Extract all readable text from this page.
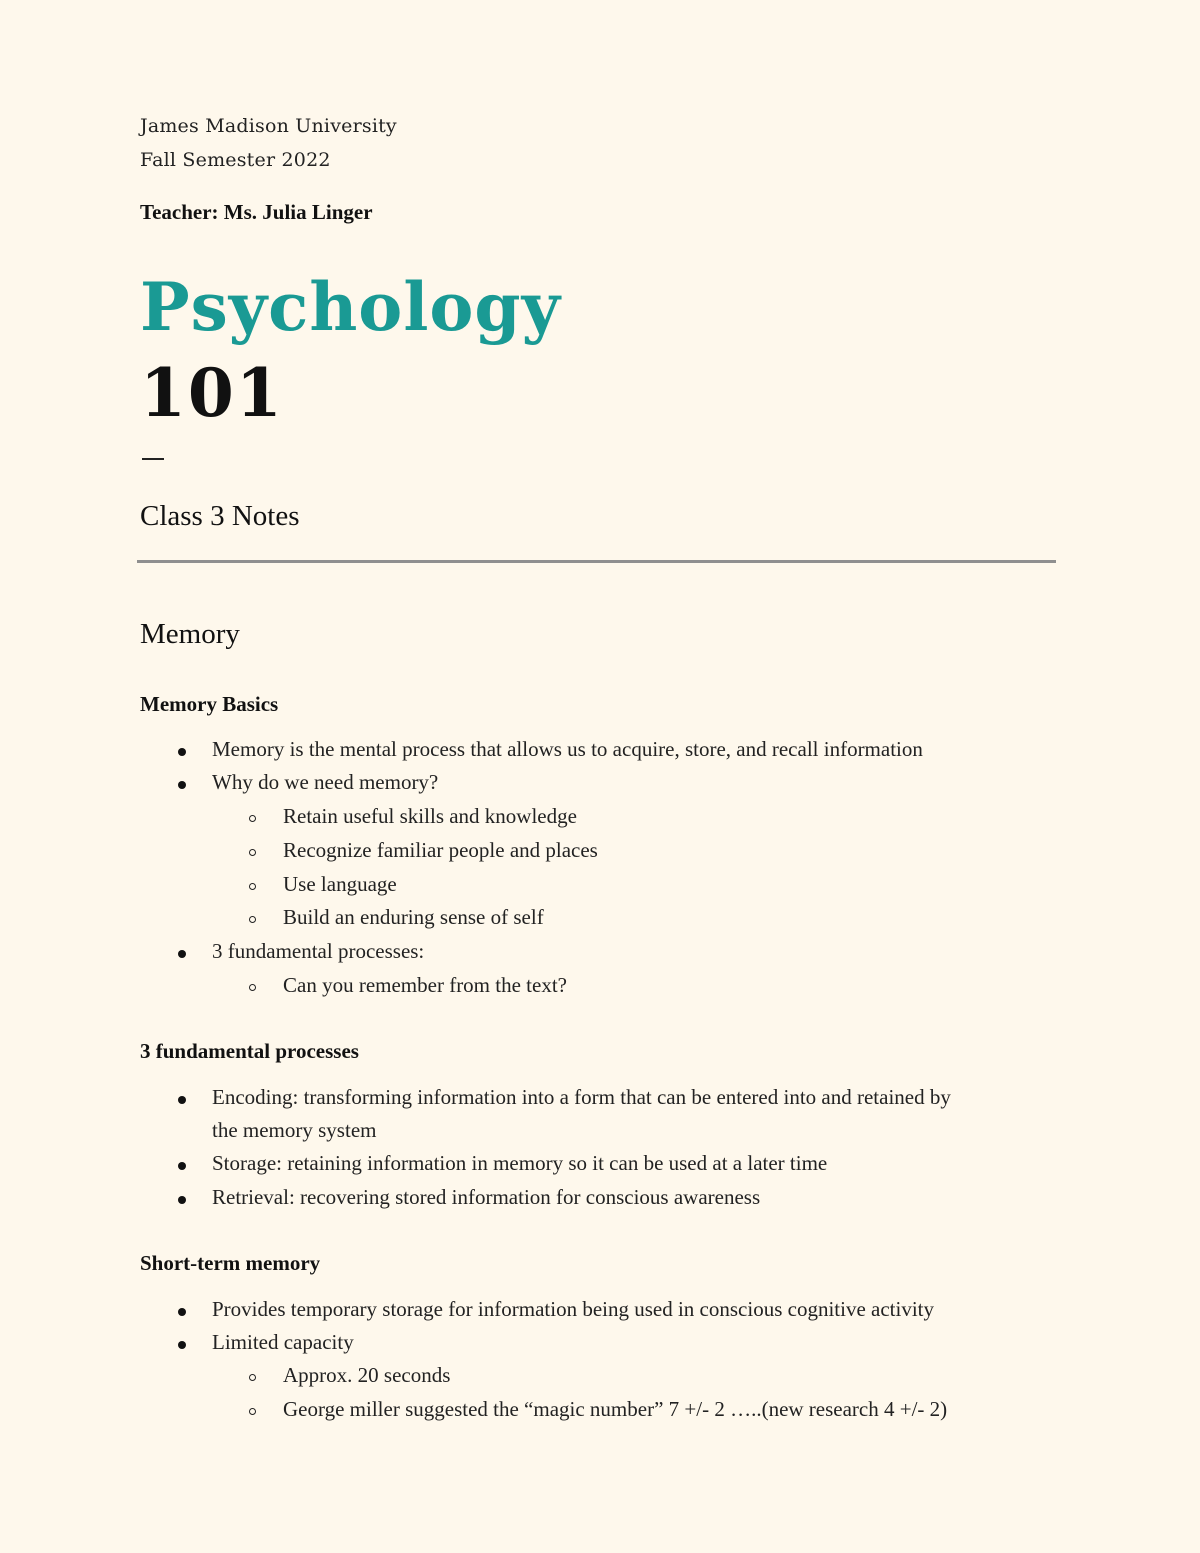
James Madison University
Fall Semester 2022
Teacher: Ms. Julia Linger
Psychology
101
Class 3 Notes
Memory
Memory Basics
Memory is the mental process that allows us to acquire, store, and recall information
Why do we need memory?
Retain useful skills and knowledge
Recognize familiar people and places
Use language
Build an enduring sense of self
3 fundamental processes:
Can you remember from the text?
3 fundamental processes
Encoding: transforming information into a form that can be entered into and retained by
the memory system
Storage: retaining information in memory so it can be used at a later time
Retrieval: recovering stored information for conscious awareness
Short-term memory
Provides temporary storage for information being used in conscious cognitive activity
Limited capacity
Approx. 20 seconds
George miller suggested the “magic number” 7 +/- 2 …..(new research 4 +/- 2)
